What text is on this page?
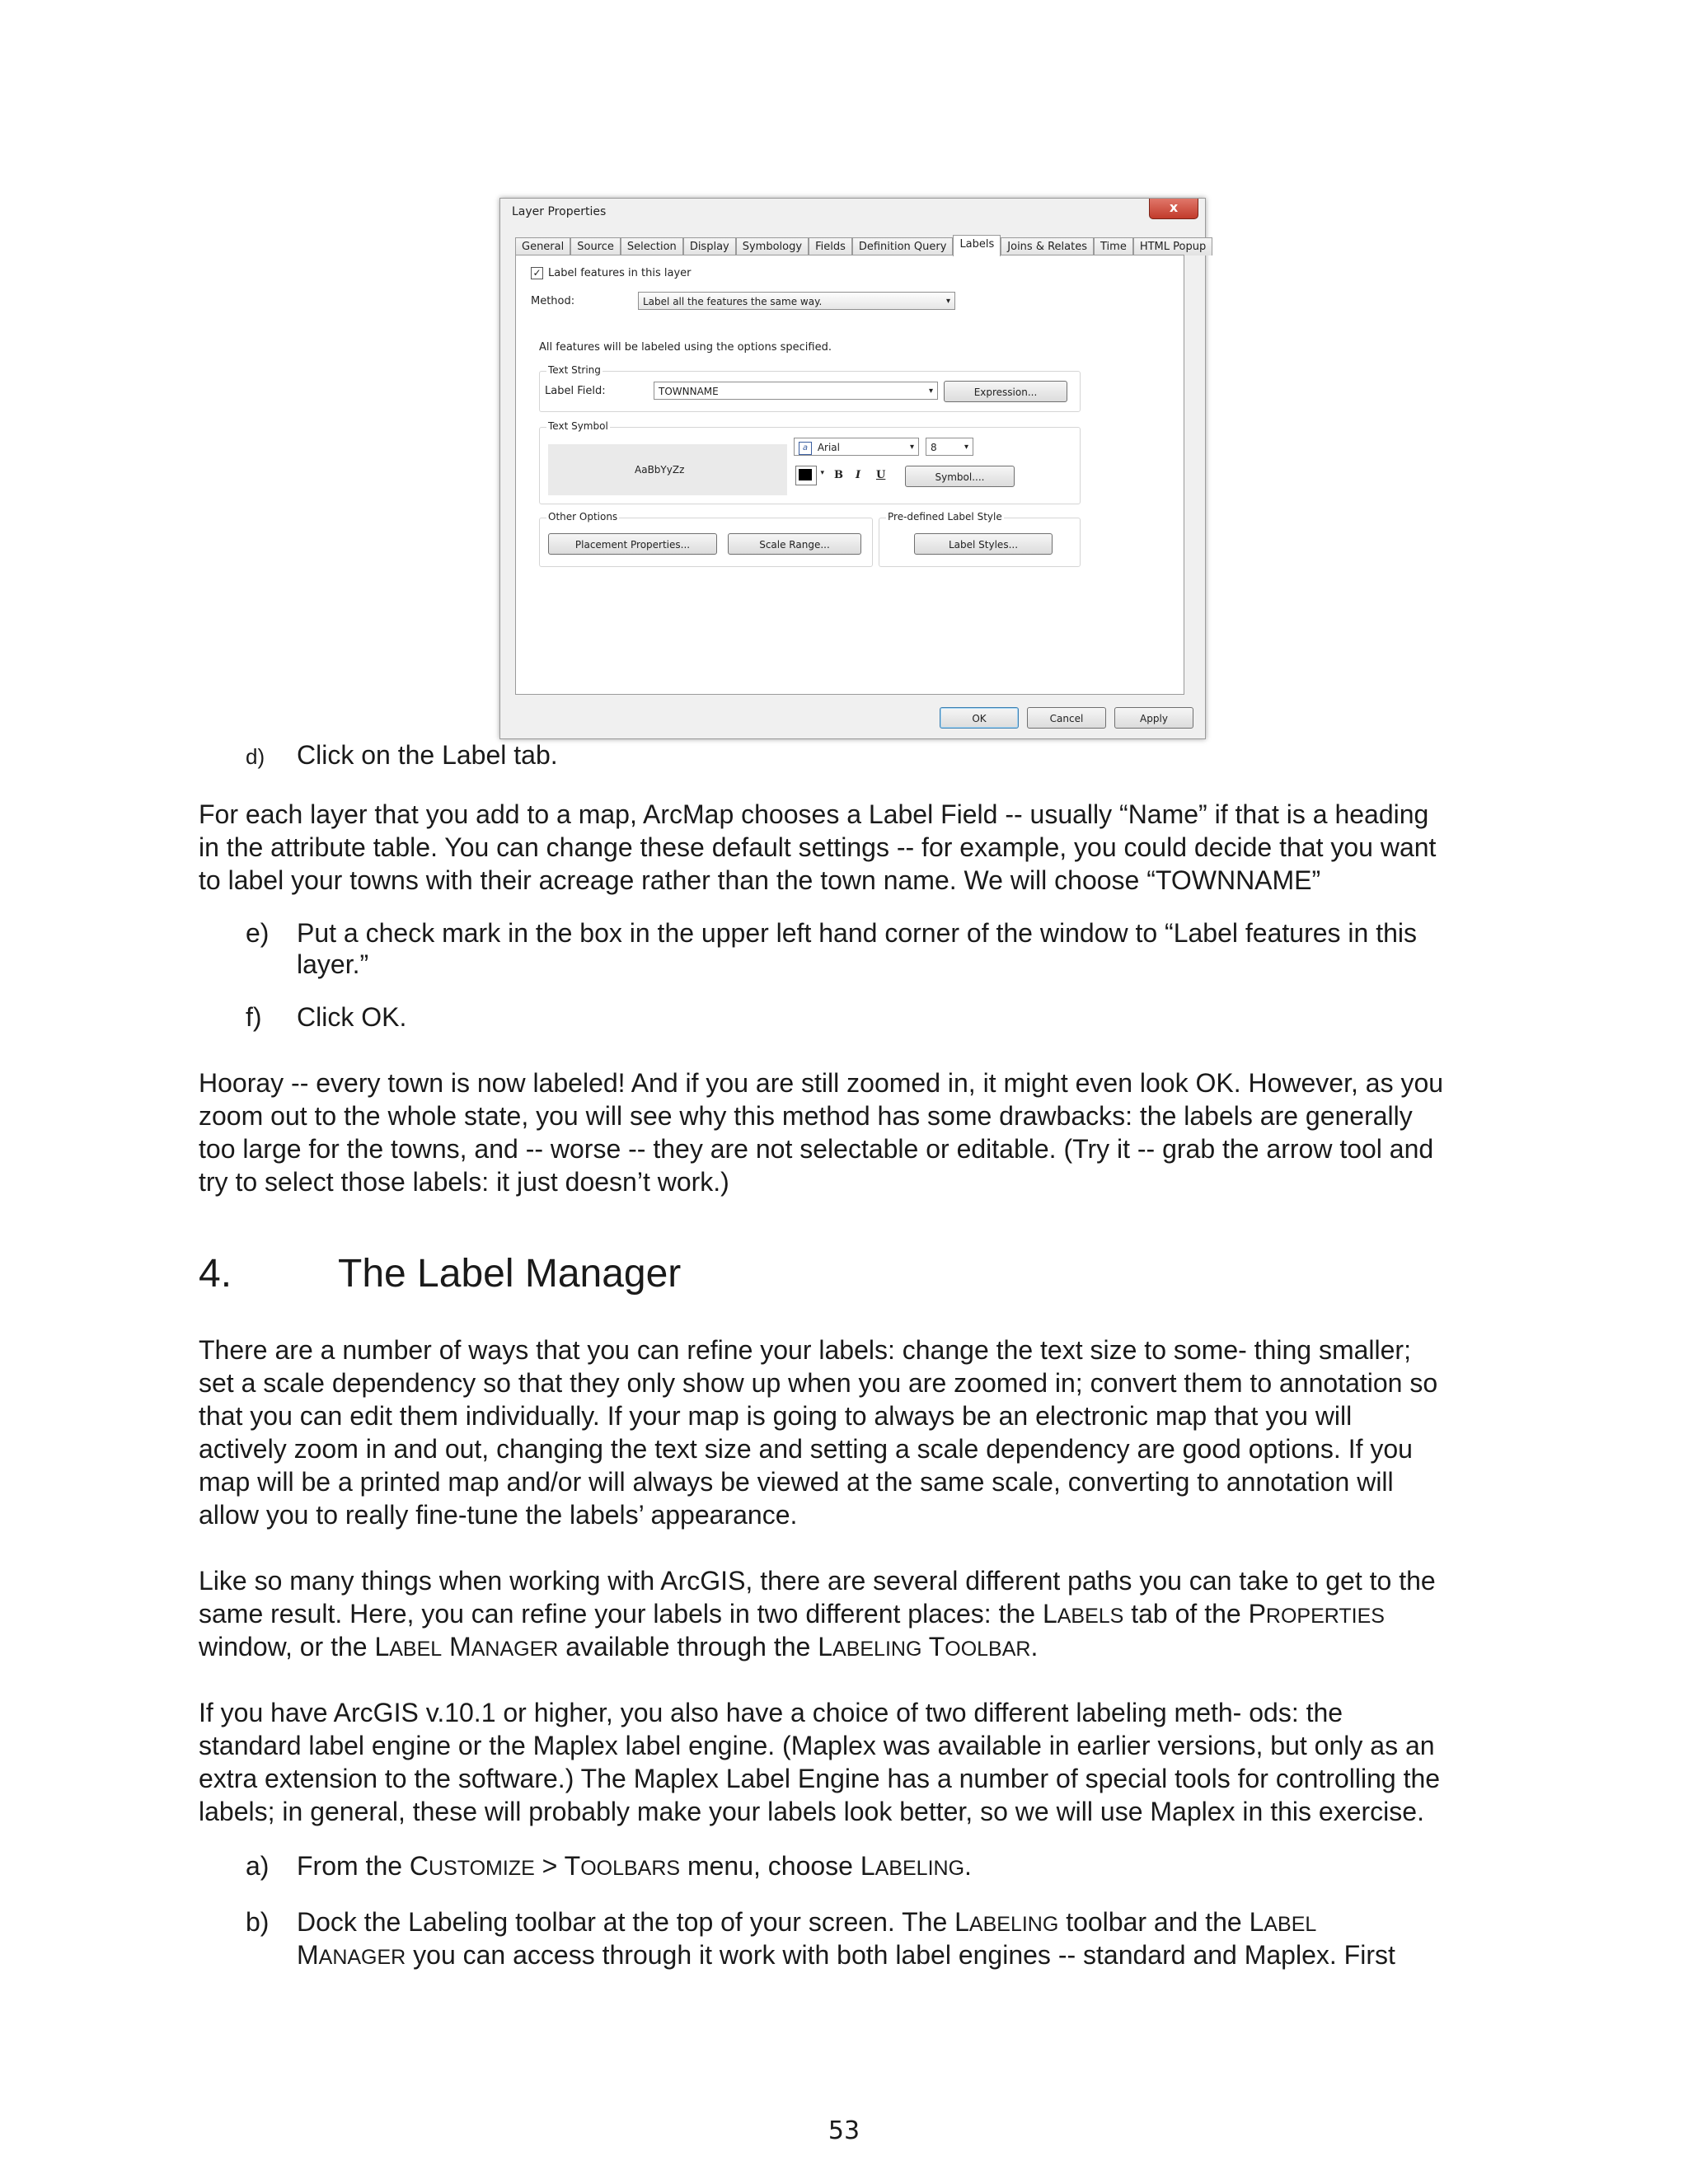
Layer Properties	x
General	Source	Selection	Display	Symbology	Fields	Definition Query	Labels	Joins & Relates	Time	HTML Popup
✓ Label features in this layer
Method:	Label all the features the same way.	▾
All features will be labeled using the options specified.
Text String
Label Field:	TOWNNAME	▾	Expression...
Text Symbol
AaBbYyZz
a Arial	▾	8	▾
▾ B I U	Symbol....
Other Options
Placement Properties...	Scale Range...
Pre-defined Label Style
Label Styles...
OK	Cancel	Apply
d) Click on the Label tab.
For each layer that you add to a map, ArcMap chooses a Label Field -- usually “Name” if that is a heading
in the attribute table. You can change these default settings -- for example, you could decide that you want
to label your towns with their acreage rather than the town name. We will choose “TOWNNAME”
e) Put a check mark in the box in the upper left hand corner of the window to “Label features in this
layer.”
f) Click OK.
Hooray -- every town is now labeled! And if you are still zoomed in, it might even look OK. However, as you
zoom out to the whole state, you will see why this method has some drawbacks: the labels are generally
too large for the towns, and -- worse -- they are not selectable or editable. (Try it -- grab the arrow tool and
try to select those labels: it just doesn’t work.)
4.	The Label Manager
There are a number of ways that you can refine your labels: change the text size to some- thing smaller;
set a scale dependency so that they only show up when you are zoomed in; convert them to annotation so
that you can edit them individually. If your map is going to always be an electronic map that you will
actively zoom in and out, changing the text size and setting a scale dependency are good options. If you
map will be a printed map and/or will always be viewed at the same scale, converting to annotation will
allow you to really fine-tune the labels’ appearance.
Like so many things when working with ArcGIS, there are several different paths you can take to get to the
same result. Here, you can refine your labels in two different places: the LABELS tab of the PROPERTIES
window, or the LABEL MANAGER available through the LABELING TOOLBAR.
If you have ArcGIS v.10.1 or higher, you also have a choice of two different labeling meth- ods: the
standard label engine or the Maplex label engine. (Maplex was available in earlier versions, but only as an
extra extension to the software.) The Maplex Label Engine has a number of special tools for controlling the
labels; in general, these will probably make your labels look better, so we will use Maplex in this exercise.
a) From the CUSTOMIZE > TOOLBARS menu, choose LABELING.
b) Dock the Labeling toolbar at the top of your screen. The LABELING toolbar and the LABEL
MANAGER you can access through it work with both label engines -- standard and Maplex. First
53
